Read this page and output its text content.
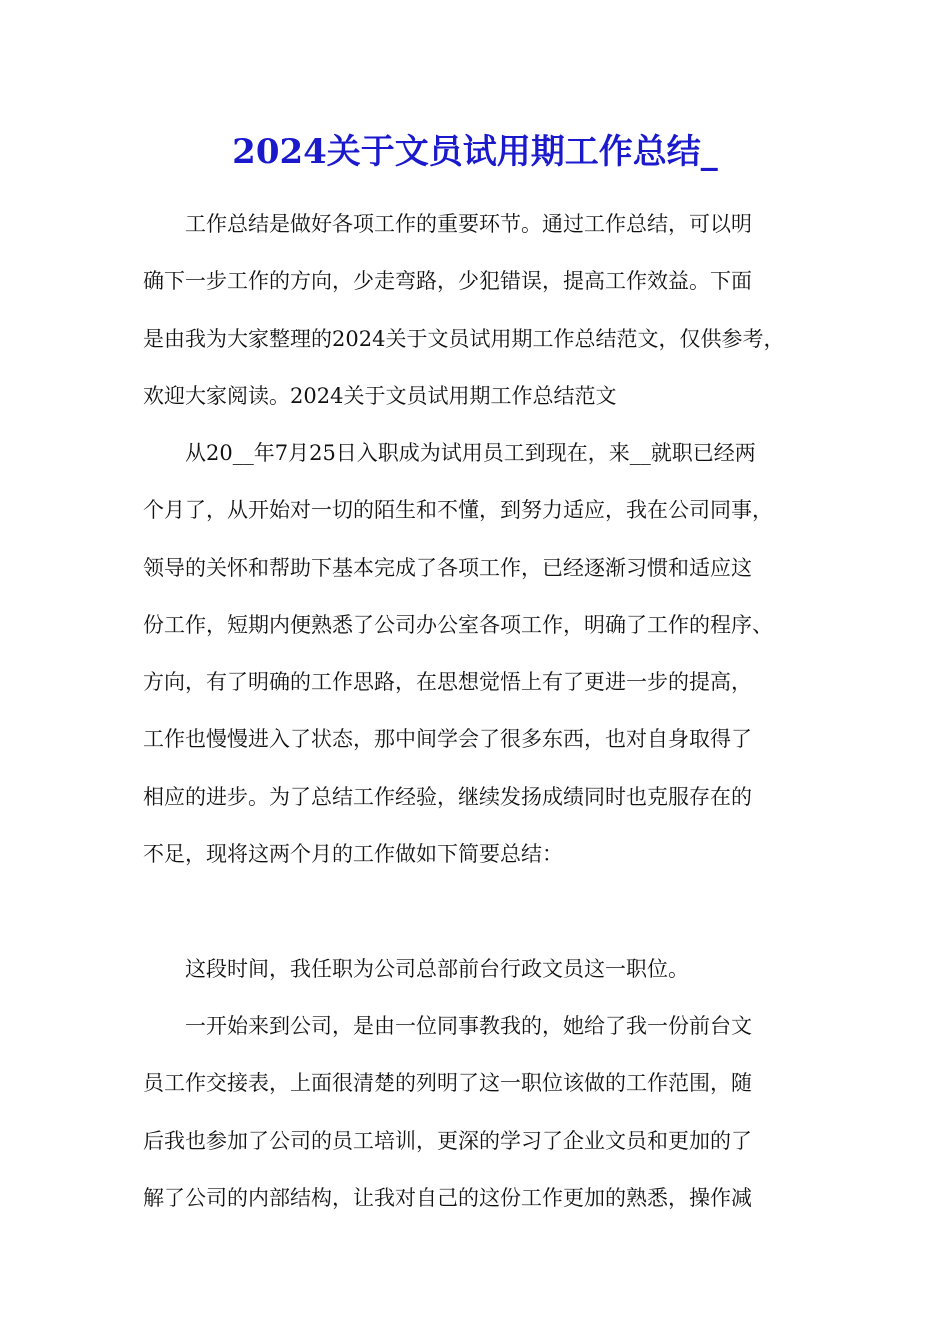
2024关于文员试用期工作总结_
工作总结是做好各项工作的重要环节。通过工作总结，可以明
确下一步工作的方向，少走弯路，少犯错误，提高工作效益。下面
是由我为大家整理的2024关于文员试用期工作总结范文，仅供参考，
欢迎大家阅读。2024关于文员试用期工作总结范文
从20__年7月25日入职成为试用员工到现在，来__就职已经两
个月了，从开始对一切的陌生和不懂，到努力适应，我在公司同事，
领导的关怀和帮助下基本完成了各项工作，已经逐渐习惯和适应这
份工作，短期内便熟悉了公司办公室各项工作，明确了工作的程序、
方向，有了明确的工作思路，在思想觉悟上有了更进一步的提高，
工作也慢慢进入了状态，那中间学会了很多东西，也对自身取得了
相应的进步。为了总结工作经验，继续发扬成绩同时也克服存在的
不足，现将这两个月的工作做如下简要总结：
这段时间，我任职为公司总部前台行政文员这一职位。
一开始来到公司，是由一位同事教我的，她给了我一份前台文
员工作交接表，上面很清楚的列明了这一职位该做的工作范围，随
后我也参加了公司的员工培训，更深的学习了企业文员和更加的了
解了公司的内部结构，让我对自己的这份工作更加的熟悉，操作减
